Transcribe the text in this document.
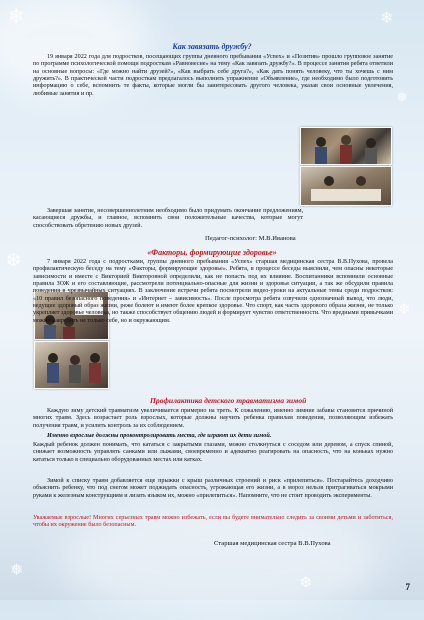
❄	❄
❅
❆
❄
❅
❆
Как завязать дружбу?

19 января 2022 года для подростков, посещающих группы дневного пребывания «Успех» и «Позитив» прошло групповое занятие по программе психологической помощи подросткам «Равновесие» на тему «Как завязать дружбу?». В процессе занятия ребята ответили на основные вопросы: «Где можно найти друзей?», «Как выбрать себе друга?», «Как дать понять человеку, что ты хочешь с ним дружить?». В практической части подросткам предлагалось выполнить упражнение «Объявление», где необходимо было подготовить информацию о себе, вспомнить те факты, которые могли бы заинтересовать другого человека, указав свои основные увлечения, любимые занятия и пр.

Завершая занятие, несовершеннолетним необходимо было придумать окончание предложениям, касающиеся дружбы, и главное, вспомнить свои положительные качества, которые могут способствовать обретению новых друзей.

Педагог-психолог: М.В.Иванова
«Факторы, формирующие здоровье»

7 января 2022 года с подростками, группы дневного пребывания «Успех» старшая медицинская сестра В.В.Пухова, провела профилактическую беседу на тему «Факторы, формирующие здоровье». Ребята, в процессе беседы выяснили, чем опасны некоторые зависимости и вместе с Викторией Викторовной определили, как не попасть под их влияние. Воспитанники вспомнили основные правила ЗОЖ и его составляющие, рассмотрели потенциально-опасные для жизни и здоровья ситуации, а так же обсудили правила поведения в чрезвычайных ситуациях. В заключение встречи ребята посмотрели видео-уроки на актуальные темы среди подростков: «10 правил безопасного поведения» и «Интернет – зависимость». После просмотра ребята озвучили однозначный вывод, что люди, ведущие здоровый образ жизни, реже болеют и имеют более крепкое здоровье. Что спорт, как часть здорового образа жизни, не только укрепляет здоровье человека, но также способствует общению людей и формирует чувство ответственности. Что вредными привычками можно навредить не только себе, но и окружающим.

Профилактика детского травматизма зимой

Каждую зиму детский травматизм увеличивается примерно на треть. К сожалению, именно зимние забавы становятся причиной многих травм. Здесь возрастает роль взрослых, которые должны научить ребенка правилам поведения, позволяющим избежать получения травм, и усилить контроль за их соблюдением.

Именно взрослые должны проконтролировать места, где играют их дети зимой.

Каждый ребенок должен понимать, что кататься с закрытыми глазами, можно столкнуться с соседом или деревом, а спуск спиной, снижает возможность управлять санками или лыжами, своевременно и адекватно реагировать на опасность, что на коньках нужно кататься только в специально оборудованных местах или катках.

Зимой к списку травм добавляется еще прыжки с крыш различных строений и риск «прилепиться». Постарайтесь доходчиво объяснить ребенку, что под снегом может поджидать опасность, угрожающая его жизни, а в мороз нельзя притрагиваться мокрыми руками к железным конструкциям и лизать языком их, можно «прилепиться». Напомните, что не стоит проводить эксперименты.

Уважаемые взрослые! Многих серьезных травм можно избежать, если вы будете внимательно следить за своими детьми и заботиться, чтобы их окружение было безопасным.

Старшая медицинская сестра В.В.Пухова
7
